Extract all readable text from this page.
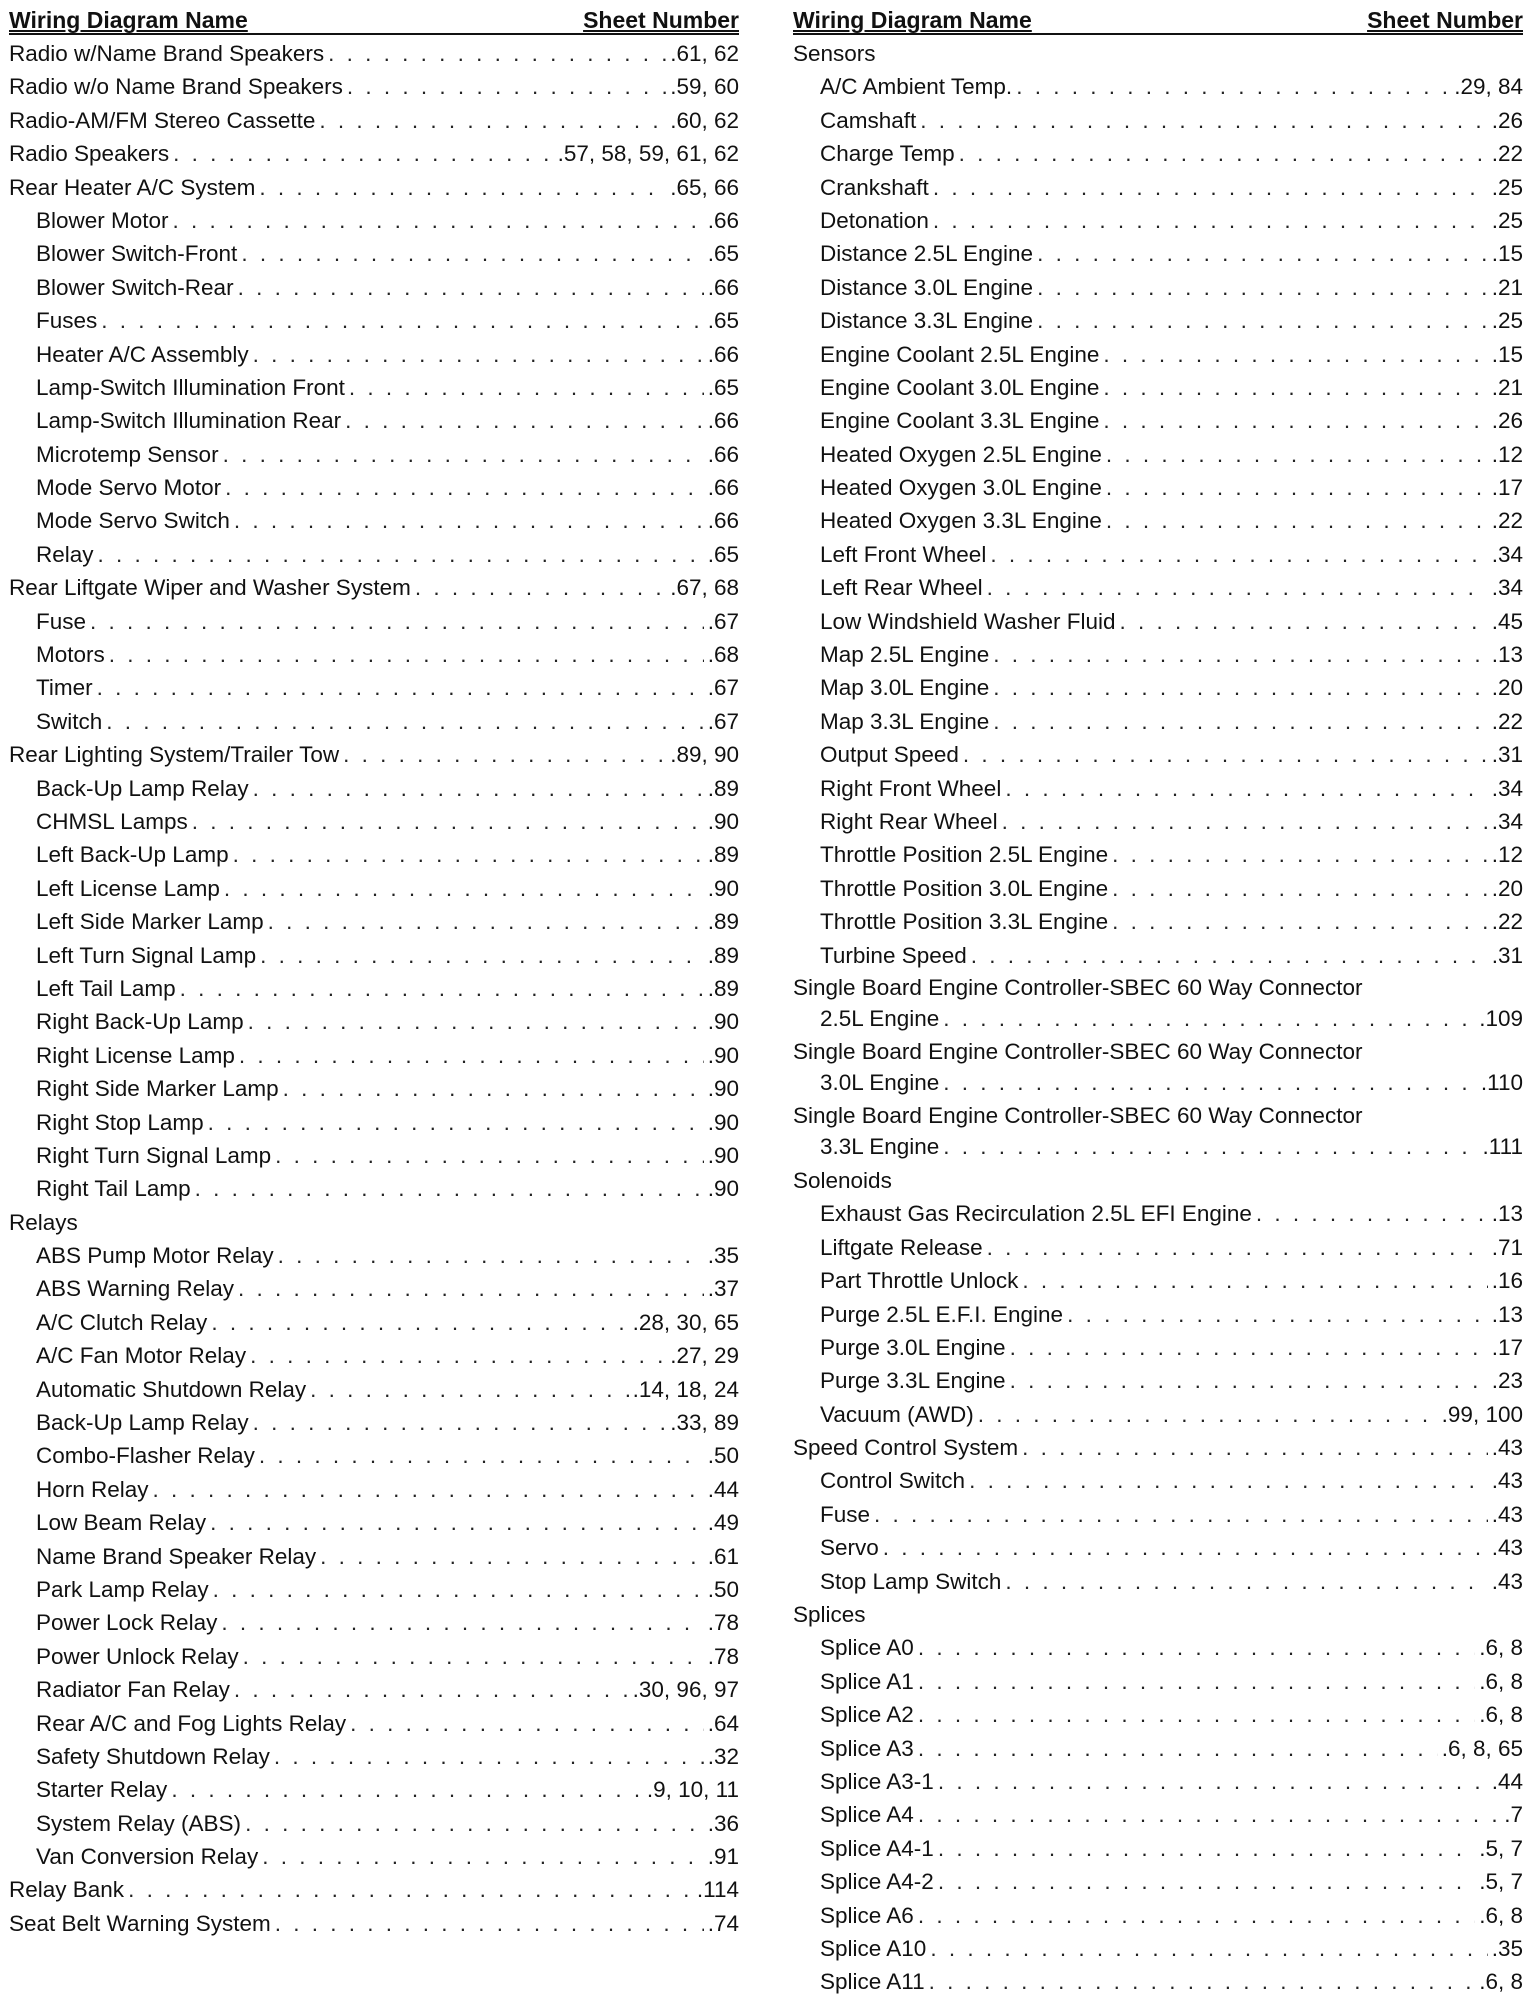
Wiring Diagram Name	Sheet Number
Radio w/Name Brand Speakers . . .	.61, 62
Radio w/o Name Brand Speakers . . .	.59, 60
Radio-AM/FM Stereo Cassette . . .	.60, 62
Radio Speakers . . .	.57, 58, 59, 61, 62
Rear Heater A/C System . . .	.65, 66
Blower Motor . . .	.66
Blower Switch-Front . . .	.65
Blower Switch-Rear . . .	.66
Fuses . . .	.65
Heater A/C Assembly . . .	.66
Lamp-Switch Illumination Front . . .	.65
Lamp-Switch Illumination Rear . . .	.66
Microtemp Sensor . . .	.66
Mode Servo Motor . . .	.66
Mode Servo Switch . . .	.66
Relay . . .	.65
Rear Liftgate Wiper and Washer System . . .	.67, 68
Fuse . . .	.67
Motors . . .	.68
Timer . . .	.67
Switch . . .	.67
Rear Lighting System/Trailer Tow . . .	.89, 90
Back-Up Lamp Relay . . .	.89
CHMSL Lamps . . .	.90
Left Back-Up Lamp . . .	.89
Left License Lamp . . .	.90
Left Side Marker Lamp . . .	.89
Left Turn Signal Lamp . . .	.89
Left Tail Lamp . . .	.89
Right Back-Up Lamp . . .	.90
Right License Lamp . . .	.90
Right Side Marker Lamp . . .	.90
Right Stop Lamp . . .	.90
Right Turn Signal Lamp . . .	.90
Right Tail Lamp . . .	.90
Relays
ABS Pump Motor Relay . . .	.35
ABS Warning Relay . . .	.37
A/C Clutch Relay . . .	.28, 30, 65
A/C Fan Motor Relay . . .	.27, 29
Automatic Shutdown Relay . . .	.14, 18, 24
Back-Up Lamp Relay . . .	.33, 89
Combo-Flasher Relay . . .	.50
Horn Relay . . .	.44
Low Beam Relay . . .	.49
Name Brand Speaker Relay . . .	.61
Park Lamp Relay . . .	.50
Power Lock Relay . . .	.78
Power Unlock Relay . . .	.78
Radiator Fan Relay . . .	.30, 96, 97
Rear A/C and Fog Lights Relay . . .	.64
Safety Shutdown Relay . . .	.32
Starter Relay . . .	.9, 10, 11
System Relay (ABS) . . .	.36
Van Conversion Relay . . .	.91
Relay Bank . . .	.114
Seat Belt Warning System . . .	.74
Wiring Diagram Name	Sheet Number
Sensors
A/C Ambient Temp. . . .	.29, 84
Camshaft . . .	.26
Charge Temp . . .	.22
Crankshaft . . .	.25
Detonation . . .	.25
Distance 2.5L Engine . . .	.15
Distance 3.0L Engine . . .	.21
Distance 3.3L Engine . . .	.25
Engine Coolant 2.5L Engine . . .	.15
Engine Coolant 3.0L Engine . . .	.21
Engine Coolant 3.3L Engine . . .	.26
Heated Oxygen 2.5L Engine . . .	.12
Heated Oxygen 3.0L Engine . . .	.17
Heated Oxygen 3.3L Engine . . .	.22
Left Front Wheel . . .	.34
Left Rear Wheel . . .	.34
Low Windshield Washer Fluid . . .	.45
Map 2.5L Engine . . .	.13
Map 3.0L Engine . . .	.20
Map 3.3L Engine . . .	.22
Output Speed . . .	.31
Right Front Wheel . . .	.34
Right Rear Wheel . . .	.34
Throttle Position 2.5L Engine . . .	.12
Throttle Position 3.0L Engine . . .	.20
Throttle Position 3.3L Engine . . .	.22
Turbine Speed . . .	.31
Single Board Engine Controller-SBEC 60 Way Connector
2.5L Engine . . .	.109
Single Board Engine Controller-SBEC 60 Way Connector
3.0L Engine . . .	.110
Single Board Engine Controller-SBEC 60 Way Connector
3.3L Engine . . .	.111
Solenoids
Exhaust Gas Recirculation 2.5L EFI Engine . . .	.13
Liftgate Release . . .	.71
Part Throttle Unlock . . .	.16
Purge 2.5L E.F.I. Engine . . .	.13
Purge 3.0L Engine . . .	.17
Purge 3.3L Engine . . .	.23
Vacuum (AWD) . . .	.99, 100
Speed Control System . . .	.43
Control Switch . . .	.43
Fuse . . .	.43
Servo . . .	.43
Stop Lamp Switch . . .	.43
Splices
Splice A0 . . .	.6, 8
Splice A1 . . .	.6, 8
Splice A2 . . .	.6, 8
Splice A3 . . .	.6, 8, 65
Splice A3-1 . . .	.44
Splice A4 . . .	.7
Splice A4-1 . . .	.5, 7
Splice A4-2 . . .	.5, 7
Splice A6 . . .	.6, 8
Splice A10 . . .	.35
Splice A11 . . .	.6, 8
